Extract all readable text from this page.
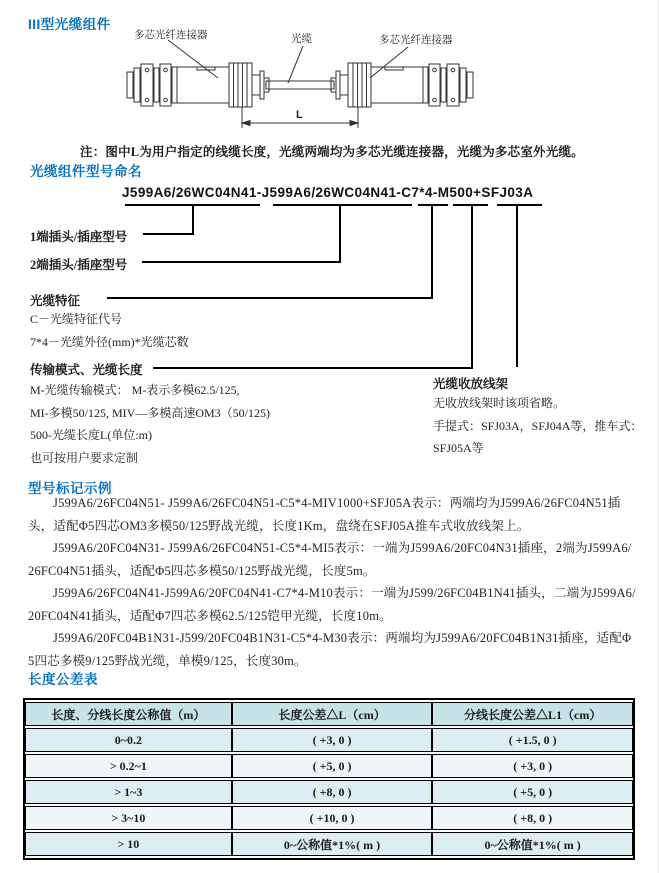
III型光缆组件
多芯光纤连接器	光缆	多芯光纤连接器
L
注：图中L为用户指定的线缆长度，光缆两端均为多芯光缆连接器，光缆为多芯室外光缆。
光缆组件型号命名
J599A6/26WC04N41-J599A6/26WC04N41-C7*4-M500+SFJ03A
1端插头/插座型号
2端插头/插座型号
光缆特征
C－光缆特征代号
7*4－光缆外径(mm)*光缆芯数
传输模式、光缆长度
M-光缆传输模式： M-表示多模62.5/125,
MI-多模50/125, MIV—多模高速OM3（50/125)
500-光缆长度L(单位:m)
也可按用户要求定制
光缆收放线架
无收放线架时该项省略。
手提式：SFJ03A，SFJ04A等，推车式：
SFJ05A等
型号标记示例

J599A6/26FC04N51- J599A6/26FC04N51-C5*4-MIV1000+SFJ05A表示：两端均为J599A6/26FC04N51插头，适配Φ5四芯OM3多模50/125野战光缆，长度1Km，盘绕在SFJ05A推车式收放线架上。

J599A6/20FC04N31- J599A6/26FC04N51-C5*4-MI5表示：一端为J599A6/20FC04N31插座，2端为J599A6/26FC04N51插头，适配Φ5四芯多模50/125野战光缆，长度5m。

J599A6/26FC04N41-J599A6/20FC04N41-C7*4-M10表示：一端为J599/26FC04B1N41插头，二端为J599A6/20FC04N41插头，适配Φ7四芯多模62.5/125铠甲光缆，长度10m。

J599A6/20FC04B1N31-J599/20FC04B1N31-C5*4-M30表示：两端均为J599A6/20FC04B1N31插座，适配Φ5四芯多模9/125野战光缆，单模9/125，长度30m。

长度公差表
长度、分线长度公称值（m）	长度公差△L（cm）	分线长度公差△L1（cm）
0~0.2	( +3, 0 )	( +1.5, 0 )
> 0.2~1	( +5, 0 )	( +3, 0 )
> 1~3	( +8, 0 )	( +5, 0 )
> 3~10	( +10, 0 )	( +8, 0 )
> 10	0~公称值*1%( m )	0~公称值*1%( m )
